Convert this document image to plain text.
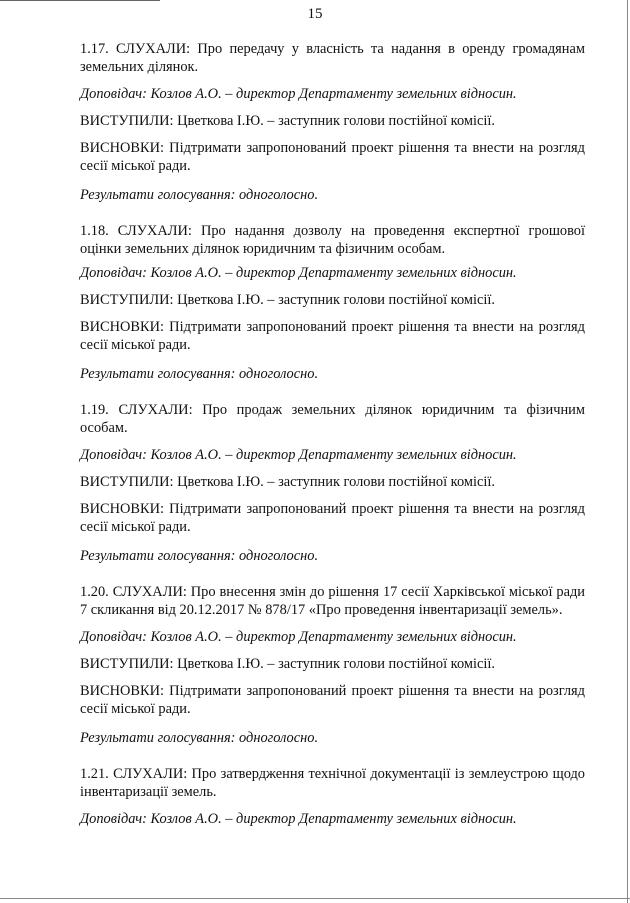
15

1.17. СЛУХАЛИ: Про передачу у власність та надання в оренду громадянам земельних ділянок.

Доповідач: Козлов А.О. – директор Департаменту земельних відносин.

ВИСТУПИЛИ: Цветкова І.Ю. – заступник голови постійної комісії.

ВИСНОВКИ: Підтримати запропонований проект рішення та внести на розгляд сесії міської ради.

Результати голосування: одноголосно.

1.18. СЛУХАЛИ: Про надання дозволу на проведення експертної грошової оцінки земельних ділянок юридичним та фізичним особам.

Доповідач: Козлов А.О. – директор Департаменту земельних відносин.

ВИСТУПИЛИ: Цветкова І.Ю. – заступник голови постійної комісії.

ВИСНОВКИ: Підтримати запропонований проект рішення та внести на розгляд сесії міської ради.

Результати голосування: одноголосно.

1.19. СЛУХАЛИ: Про продаж земельних ділянок юридичним та фізичним особам.

Доповідач: Козлов А.О. – директор Департаменту земельних відносин.

ВИСТУПИЛИ: Цветкова І.Ю. – заступник голови постійної комісії.

ВИСНОВКИ: Підтримати запропонований проект рішення та внести на розгляд сесії міської ради.

Результати голосування: одноголосно.

1.20. СЛУХАЛИ: Про внесення змін до рішення 17 сесії Харківської міської ради 7 скликання від 20.12.2017 № 878/17 «Про проведення інвентаризації земель».

Доповідач: Козлов А.О. – директор Департаменту земельних відносин.

ВИСТУПИЛИ: Цветкова І.Ю. – заступник голови постійної комісії.

ВИСНОВКИ: Підтримати запропонований проект рішення та внести на розгляд сесії міської ради.

Результати голосування: одноголосно.

1.21. СЛУХАЛИ: Про затвердження технічної документації із землеустрою щодо інвентаризації земель.

Доповідач: Козлов А.О. – директор Департаменту земельних відносин.
